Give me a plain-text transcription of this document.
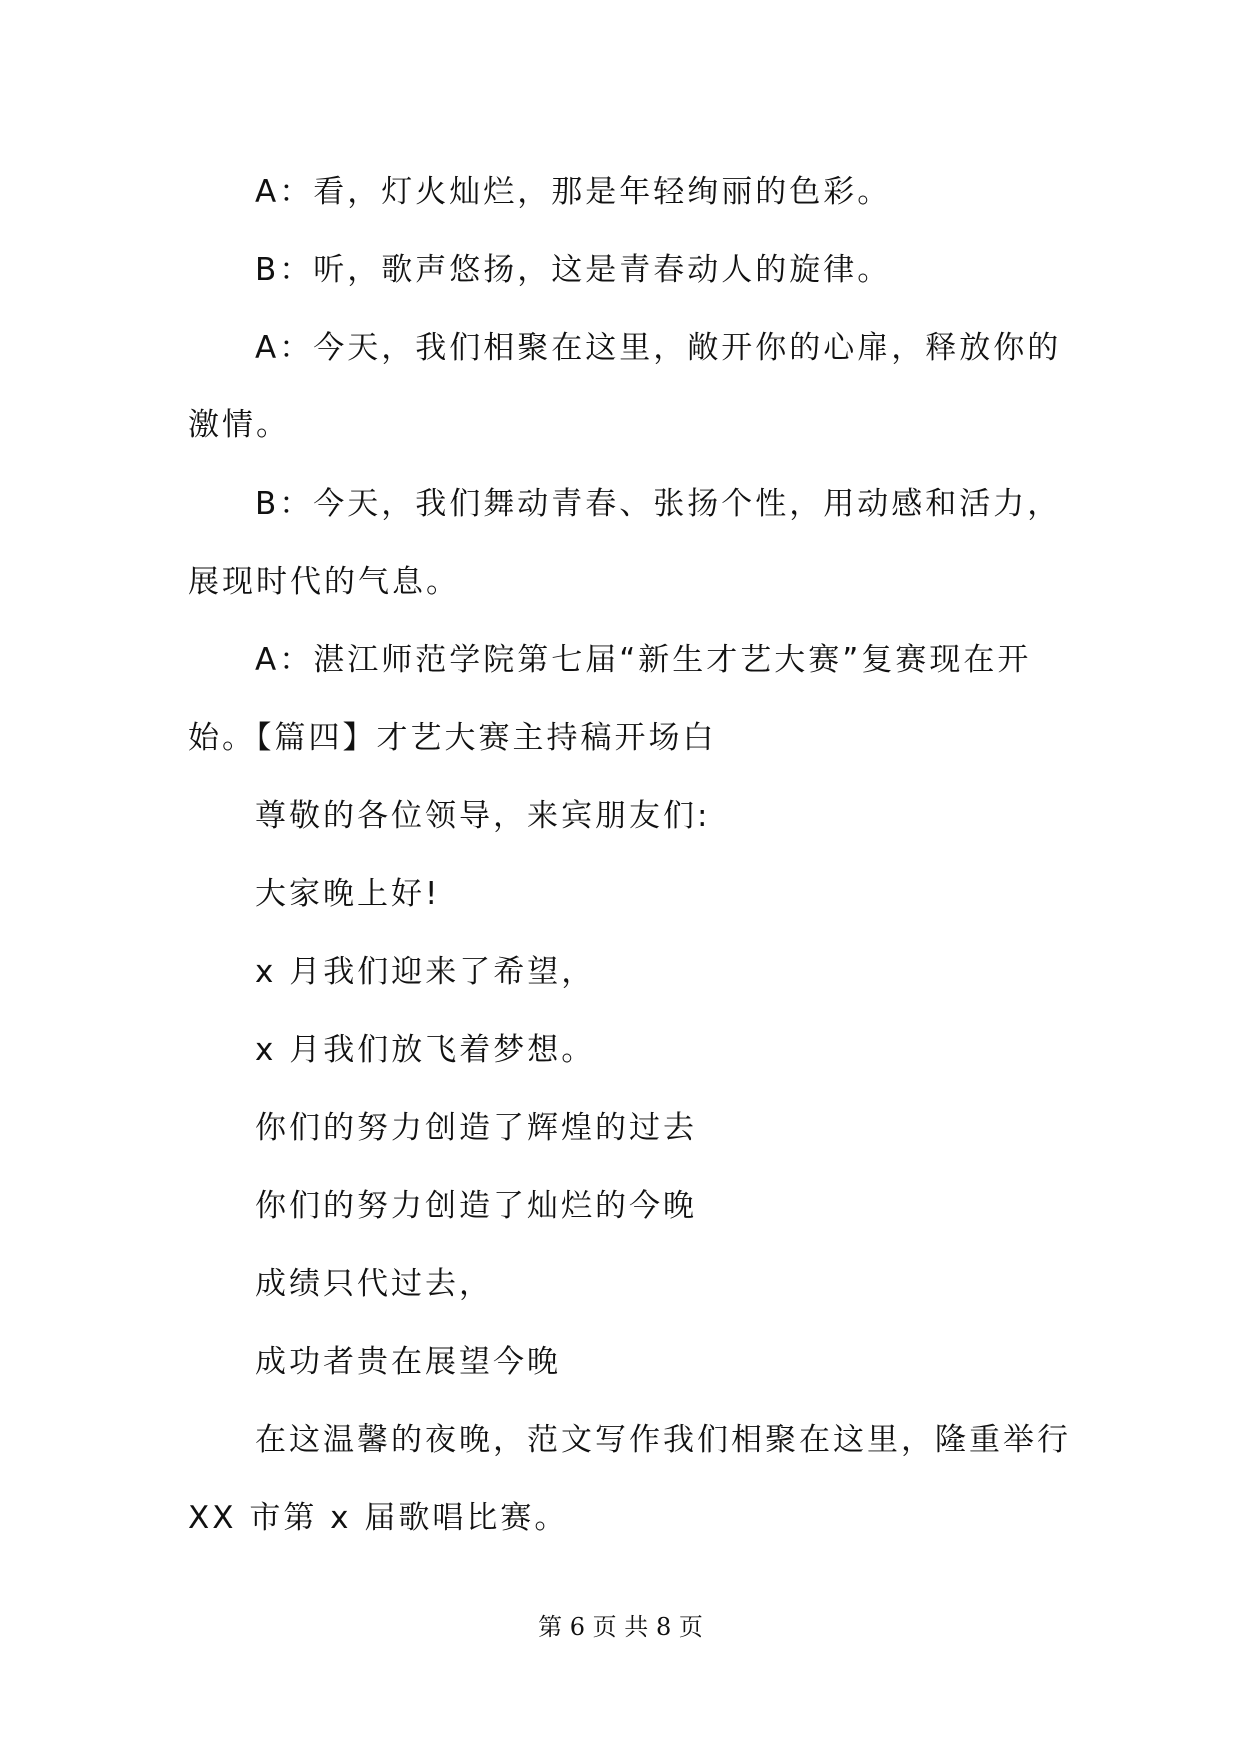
A：看，灯火灿烂，那是年轻绚丽的色彩。
B：听，歌声悠扬，这是青春动人的旋律。
A：今天，我们相聚在这里，敞开你的心扉，释放你的
激情。
B：今天，我们舞动青春、张扬个性，用动感和活力，
展现时代的气息。
A：湛江师范学院第七届“新生才艺大赛”复赛现在开
始。【篇四】才艺大赛主持稿开场白
尊敬的各位领导，来宾朋友们:
大家晚上好!
x 月我们迎来了希望，
x 月我们放飞着梦想。
你们的努力创造了辉煌的过去
你们的努力创造了灿烂的今晚
成绩只代过去，
成功者贵在展望今晚
在这温馨的夜晚，范文写作我们相聚在这里，隆重举行
XX 市第 x 届歌唱比赛。
第 6 页 共 8 页
